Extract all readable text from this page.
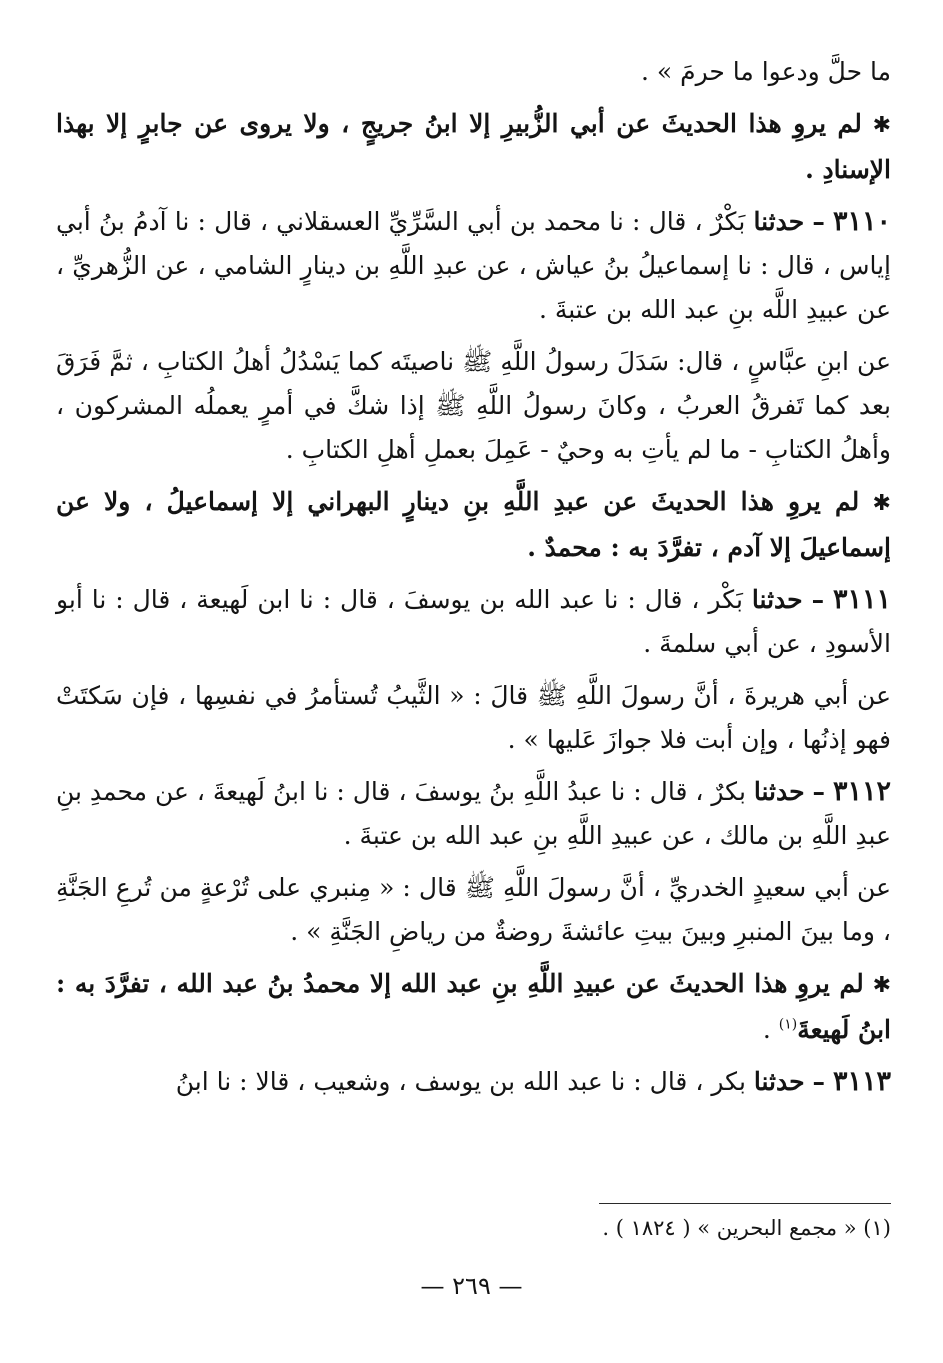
ما حلَّ ودعوا ما حرمَ » .

✱ لم يروِ هذا الحديثَ عن أبي الزُّبيرِ إلا ابنُ جريجٍ ، ولا يروى عن جابرٍ إلا بهذا الإسنادِ .

٣١١٠ – حدثنا بَكْرٌ ، قال : نا محمد بن أبي السَّرِّيِّ العسقلاني ، قال : نا آدمُ بنُ أبي إياس ، قال : نا إسماعيلُ بنُ عياش ، عن عبدِ اللَّهِ بن دينارٍ الشامي ، عن الزُّهريِّ ، عن عبيدِ اللَّه بنِ عبد الله بن عتبةَ .

عن ابنِ عبَّاسٍ ، قال: سَدَلَ رسولُ اللَّهِ ﷺ ناصيتَه كما يَسْدُلُ أهلُ الكتابِ ، ثمَّ فَرَقَ بعد كما تَفرقُ العربُ ، وكانَ رسولُ اللَّهِ ﷺ إذا شكَّ في أمرٍ يعملُه المشركون ، وأهلُ الكتابِ - ما لم يأتِ به وحيٌ - عَمِلَ بعملِ أهلِ الكتابِ .

✱ لم يروِ هذا الحديثَ عن عبدِ اللَّهِ بنِ دينارٍ البهراني إلا إسماعيلُ ، ولا عن إسماعيلَ إلا آدم ، تفرَّدَ به : محمدٌ .

٣١١١ – حدثنا بَكْر ، قال : نا عبد الله بن يوسفَ ، قال : نا ابن لَهيعة ، قال : نا أبو الأسودِ ، عن أبي سلمةَ .

عن أبي هريرةَ ، أنَّ رسولَ اللَّهِ ﷺ قالَ : « الثَّيبُ تُستأمرُ في نفسِها ، فإن سَكتَتْ فهو إذنُها ، وإن أبت فلا جوازَ عَليها » .

٣١١٢ – حدثنا بكرٌ ، قال : نا عبدُ اللَّهِ بنُ يوسفَ ، قال : نا ابنُ لَهيعةَ ، عن محمدِ بنِ عبدِ اللَّهِ بن مالك ، عن عبيدِ اللَّهِ بنِ عبد الله بن عتبةَ .

عن أبي سعيدٍ الخدريِّ ، أنَّ رسولَ اللَّهِ ﷺ قال : « مِنبري على تُرْعةٍ من تُرعِ الجَنَّةِ ، وما بينَ المنبرِ وبينَ بيتِ عائشةَ روضةٌ من رياضِ الجَنَّةِ » .

✱ لم يروِ هذا الحديثَ عن عبيدِ اللَّهِ بنِ عبد الله إلا محمدُ بنُ عبد الله ، تفرَّدَ به : ابنُ لَهيعةَ$^{(١)}$ .

٣١١٣ – حدثنا بكر ، قال : نا عبد الله بن يوسف ، وشعيب ، قالا : نا ابنُ

(١) « مجمع البحرين » ( ١٨٢٤ ) .
— ٢٦٩ —
